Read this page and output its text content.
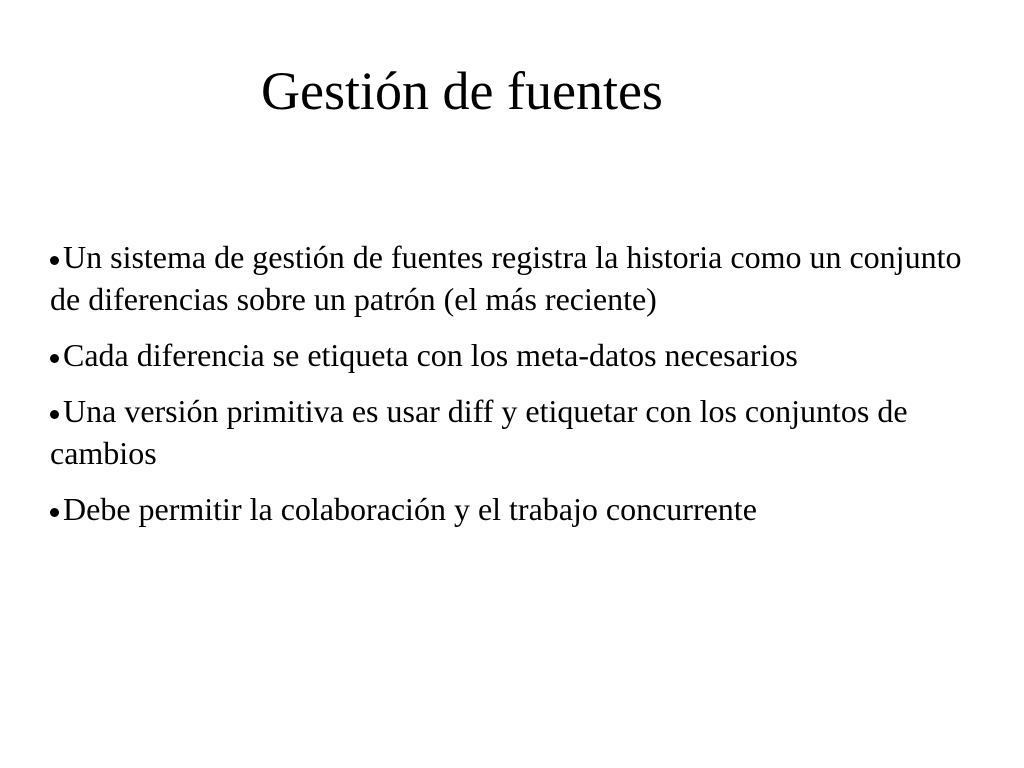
Gestión de fuentes
Un sistema de gestión de fuentes registra la historia como un conjunto de diferencias sobre un patrón (el más reciente)
Cada diferencia se etiqueta con los meta-datos necesarios
Una versión primitiva es usar diff y etiquetar con los conjuntos de cambios
Debe permitir la colaboración y el trabajo concurrente
